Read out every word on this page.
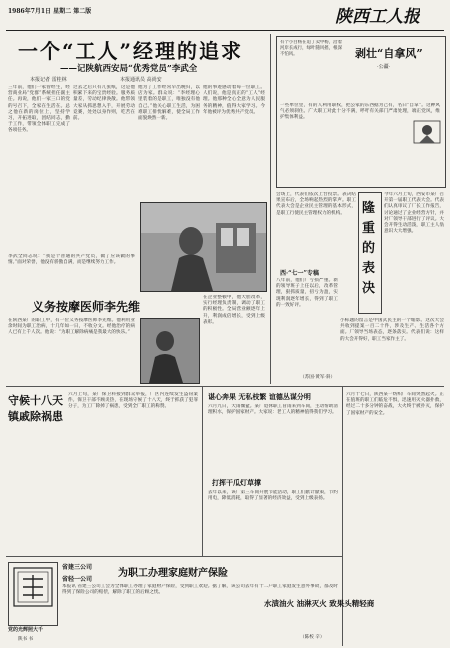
1986年7月1日 星期二 第二版	陕西工人报
一个“工人”经理的追求
——记陕航西安局“优秀党员”李武全
本报记者 雷桂林	本报通讯员 高尚安
三年前，他们一家曾经生，经营商业局“党群”系统担任副主任。再说，他们一家三口的党的号召下，全家在生活在。总之他在新的岗位上，坚持学习，开拓进取，团结同志，勤于工作，带领全体职工完成了各项任务。
过去之后只有几张纸，这是他积累下来的宝贵经验。服务质量差，劳动纪律涣散。他带领大家从抓思想入手，开展劳动竞赛，处处以身作则，吃苦在前。
他为了工作经常早出晚归，以店为家。群众说：“李经理心里装着的是职工，唯独没有他自己。”他关心职工生活，为困难职工排忧解难，使全局工作面貌焕然一新。
他的事迹感动着每一位职工。人们说，他是真正的“工人”经理。他那种全心全意为人民服务的精神，值得大家学习。今年他被评为优秀共产党员。
李武全同志说：“我是个普通的共产党员，做了应该做的事情。”面对荣誉，他没有骄傲自满，而是继续努力工作。
在企业整顿中，他大胆改革，实行经理负责制，调动了职工的积极性。全局营业额逐年上升，利润成倍增长，受到上级表彰。
有个小白杨在追了卖中杨，沿着河岸长成行，绿叶随风摇，根深不怕风。	剥壮“自拿风”
·公疆·
一些单位里，有的人利用职权，把公家的东西据为己有，名曰“自拿”。这种风气必须刹住。广大职工对此十分不满，呼吁有关部门严肃处理，端正党风，维护集体利益。
会场上，代表们依次上台投票。表决结果宣布后，全场响起热烈的掌声。职工代表大会是企业民主管理的基本形式，是职工行使民主管理权力的机构。	隆重的表决
今年六月上旬，西安市某厂召开第一届职工代表大会。代表们认真审议了厂长工作报告，讨论通过了企业经营方针，并对厂领导干部进行了评议。大会开得生动活泼，职工主人翁意识大大增强。
小标题的留言是中国式民主的一个缩影。这次大会共收到提案一百二十件，涉及生产、生活各个方面。厂领导当场表态，逐条落实。代表们说：这样的大会开得好，职工当家作主了。
西·“七一”专稿
八年前，他们厂亏损严重。新的领导班子上任以后，改革管理，狠抓质量，扭亏为盈，实现利润逐年增长，得到了职工的一致好评。
（苏国·黄军·斜）
义务按摩医师李先维
在陕西某厂的职工中，有一位义务按摩医师李先维。他利用业余时间为职工治病，十几年如一日，不收分文。经他治疗的病人已有上千人次。他说：“为职工解除病痛是我最大的快乐。”
守候十八天
镇戚除祸患
六月上旬，某厂保卫科接到群众举报，厂区内连续发生盗窃案件。保卫干部不顾炎热，在现场守候了十八天，终于抓获了犯罪分子，为工厂除掉了祸患，受到全厂职工的称赞。
谌心奔果 无私枝繁 谊德丛谋分明
六月九日，大雨倾盆。某厂退休职工冒雨来到车间，主动帮助清理积水，保护国家财产。大家说：老工人的精神值得我们学习。
打挥干瓜灯草撑
去年以来，该厂第三车间开展节能活动，职工们献计献策，节约用电，降低消耗，取得了显著的经济效益，受到上级表扬。
六月十七日，陕西某一纺织厂车间突然起火。正在值班的职工们临危不惧，迅速用灭火器扑救，经过二十多分钟的奋战，大火终于被扑灭，保护了国家财产的安全。
水渍油火 油淋灭火 致果头精轻商
党的光辉照大千
陕书 书
省建三公司
省轻一公司
为职工办理家庭财产保险
本报讯 省建三公司工会为全体职工办理了家庭财产保险，受到职工欢迎。据了解，该公司去年有十二户职工家庭发生意外事故，都及时得到了保险公司的赔偿，解除了职工的后顾之忧。
（陈校 辛）
